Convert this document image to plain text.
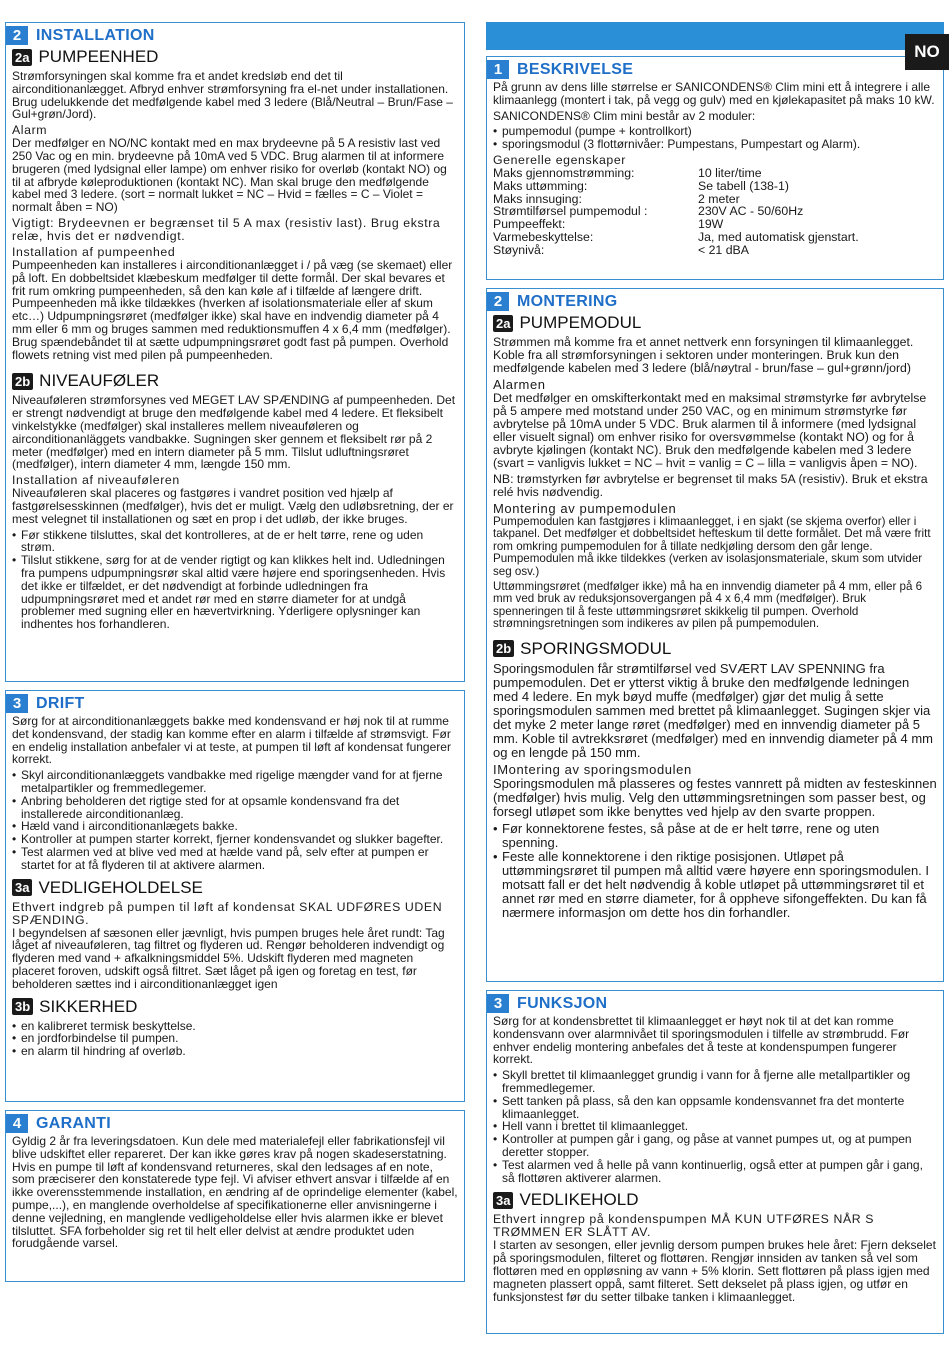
2 INSTALLATION
2a PUMPEENHED

Strømforsyningen skal komme fra et andet kredsløb end det til airconditionanlægget. Afbryd enhver strømforsyning fra el-net under installationen. Brug udelukkende det medfølgende kabel med 3 ledere (Blå/Neutral – Brun/Fase – Gul+grøn/Jord).

Alarm

Der medfølger en NO/NC kontakt med en max brydeevne på 5 A resistiv last ved 250 Vac og en min. brydeevne på 10mA ved 5 VDC. Brug alarmen til at informere brugeren (med lydsignal eller lampe) om enhver risiko for overløb (kontakt NO) og til at afbryde køleproduktionen (kontakt NC). Man skal bruge den medfølgende kabel med 3 ledere. (sort = normalt lukket = NC – Hvid = fælles = C – Violet = normalt åben = NO)

Vigtigt: Brydeevnen er begrænset til 5 A max (resistiv last). Brug ekstra relæ, hvis det er nødvendigt.

Installation af pumpeenhed

Pumpeenheden kan installeres i airconditionanlægget i / på væg (se skemaet) eller på loft. En dobbeltsidet klæbeskum medfølger til dette formål. Der skal bevares et frit rum omkring pumpeenheden, så den kan køle af i tilfælde af længere drift. Pumpeenheden må ikke tildækkes (hverken af isolationsmateriale eller af skum etc…) Udpumpningsrøret (medfølger ikke) skal have en indvendig diameter på 4 mm eller 6 mm og bruges sammen med reduktionsmuffen 4 x 6,4 mm (medfølger). Brug spændebåndet til at sætte udpumpningsrøret godt fast på pumpen. Overhold flowets retning vist med pilen på pumpeenheden.

2b NIVEAUFØLER

Niveauføleren strømforsynes ved MEGET LAV SPÆNDING af pumpeenheden. Det er strengt nødvendigt at bruge den medfølgende kabel med 4 ledere. Et fleksibelt vinkelstykke (medfølger) skal installeres mellem niveauføleren og airconditionanläggets vandbakke. Sugningen sker gennem et fleksibelt rør på 2 meter (medfølger) med en intern diameter på 5 mm. Tilslut udluftningsrøret (medfølger), intern diameter 4 mm, længde 150 mm.

Installation af niveauføleren

Niveauføleren skal placeres og fastgøres i vandret position ved hjælp af fastgørelsesskinnen (medfølger), hvis det er muligt. Vælg den udløbsretning, der er mest velegnet til installationen og sæt en prop i det udløb, der ikke bruges.

• Før stikkene tilsluttes, skal det kontrolleres, at de er helt tørre, rene og uden strøm.
• Tilslut stikkene, sørg for at de vender rigtigt og kan klikkes helt ind. Udledningen fra pumpens udpumpningsrør skal altid være højere end sporingsenheden. Hvis det ikke er tilfældet, er det nødvendigt at forbinde udledningen fra udpumpningsrøret med et andet rør med en større diameter for at undgå problemer med sugning eller en hævertvirkning. Yderligere oplysninger kan indhentes hos forhandleren.
3 DRIFT

Sørg for at airconditionanlæggets bakke med kondensvand er høj nok til at rumme det kondensvand, der stadig kan komme efter en alarm i tilfælde af strømsvigt. Før en endelig installation anbefaler vi at teste, at pumpen til løft af kondensat fungerer korrekt.

• Skyl airconditionanlæggets vandbakke med rigelige mængder vand for at fjerne metalpartikler og fremmedlegemer.
• Anbring beholderen det rigtige sted for at opsamle kondensvand fra det installerede airconditionanlæg.
• Hæld vand i airconditionanlægets bakke.
• Kontroller at pumpen starter korrekt, fjerner kondensvandet og slukker bagefter.
• Test alarmen ved at blive ved med at hælde vand på, selv efter at pumpen er startet for at få flyderen til at aktivere alarmen.
3a VEDLIGEHOLDELSE

Ethvert indgreb på pumpen til løft af kondensat SKAL UDFØRES UDEN SPÆNDING.

I begyndelsen af sæsonen eller jævnligt, hvis pumpen bruges hele året rundt: Tag låget af niveauføleren, tag filtret og flyderen ud. Rengør beholderen indvendigt og flyderen med vand + afkalkningsmiddel 5%. Udskift flyderen med magneten placeret foroven, udskift også filtret. Sæt låget på igen og foretag en test, før beholderen sættes ind i airconditionanlægget igen

3b SIKKERHED
• en kalibreret termisk beskyttelse.
• en jordforbindelse til pumpen.
• en alarm til hindring af overløb.
4 GARANTI

Gyldig 2 år fra leveringsdatoen. Kun dele med materialefejl eller fabrikationsfejl vil blive udskiftet eller repareret. Der kan ikke gøres krav på nogen skadeserstatning. Hvis en pumpe til løft af kondensvand returneres, skal den ledsages af en note, som præciserer den konstaterede type fejl. Vi afviser ethvert ansvar i tilfælde af en ikke overensstemmende installation, en ændring af de oprindelige elementer (kabel, pumpe,...), en manglende overholdelse af specifikationerne eller anvisningerne i denne vejledning, en manglende vedligeholdelse eller hvis alarmen ikke er blevet tilsluttet. SFA forbeholder sig ret til helt eller delvist at ændre produktet uden forudgående varsel.

NO
1 BESKRIVELSE

På grunn av dens lille størrelse er SANICONDENS® Clim mini ett å integrere i alle klimaanlegg (montert i tak, på vegg og gulv) med en kjølekapasitet på maks 10 kW.

SANICONDENS® Clim mini består av 2 moduler:

• pumpemodul (pumpe + kontrollkort)
• sporingsmodul (3 flottørnivåer: Pumpestans, Pumpestart og Alarm).

Generelle egenskaper

Maks gjennomstrømming:	10 liter/time
Maks uttømming:	Se tabell (138-1)
Maks innsuging:	2 meter
Strømtilførsel pumpemodul :	230V AC - 50/60Hz
Pumpeeffekt:	19W
Varmebeskyttelse:	Ja, med automatisk gjenstart.
Støynivå:	< 21 dBA
2 MONTERING
2a PUMPEMODUL

Strømmen må komme fra et annet nettverk enn forsyningen til klimaanlegget. Koble fra all strømforsyningen i sektoren under monteringen. Bruk kun den medfølgende kabelen med 3 ledere (blå/nøytral - brun/fase – gul+grønn/jord)

Alarmen

Det medfølger en omskifterkontakt med en maksimal strømstyrke før avbrytelse på 5 ampere med motstand under 250 VAC, og en minimum strømstyrke før avbrytelse på 10mA under 5 VDC. Bruk alarmen til å informere (med lydsignal eller visuelt signal) om enhver risiko for oversvømmelse (kontakt NO) og for å avbryte kjølingen (kontakt NC). Bruk den medfølgende kabelen med 3 ledere (svart = vanligvis lukket = NC – hvit = vanlig = C – lilla = vanligvis åpen = NO).

NB: trømstyrken før avbrytelse er begrenset til maks 5A (resistiv). Bruk et ekstra relé hvis nødvendig.

Montering av pumpemodulen

Pumpemodulen kan fastgjøres i klimaanlegget, i en sjakt (se skjema overfor) eller i takpanel. Det medfølger et dobbeltsidet hefteskum til dette formålet. Det må være fritt rom omkring pumpemodulen for å tillate nedkjøling dersom den går lenge. Pumpemodulen må ikke tildekkes (verken av isolasjonsmateriale, skum som utvider seg osv.)

Uttømmingsrøret (medfølger ikke) må ha en innvendig diameter på 4 mm, eller på 6 mm ved bruk av reduksjonsovergangen på 4 x 6,4 mm (medfølger). Bruk spenneringen til å feste uttømmingsrøret skikkelig til pumpen. Overhold strømningsretningen som indikeres av pilen på pumpemodulen.

2b SPORINGSMODUL

Sporingsmodulen får strømtilførsel ved SVÆRT LAV SPENNING fra pumpemodulen. Det er ytterst viktig å bruke den medfølgende ledningen med 4 ledere. En myk bøyd muffe (medfølger) gjør det mulig å sette sporingsmodulen sammen med brettet på klimaanlegget. Sugingen skjer via det myke 2 meter lange røret (medfølger) med en innvendig diameter på 5 mm. Koble til avtrekksrøret (medfølger) med en innvendig diameter på 4 mm og en lengde på 150 mm.

IMontering av sporingsmodulen

Sporingsmodulen må plasseres og festes vannrett på midten av festeskinnen (medfølger) hvis mulig. Velg den uttømmingsretningen som passer best, og forsegl utløpet som ikke benyttes ved hjelp av den svarte proppen.

• Før konnektorene festes, så påse at de er helt tørre, rene og uten spenning.
• Feste alle konnektorene i den riktige posisjonen. Utløpet på uttømmingsrøret til pumpen må alltid være høyere enn sporingsmodulen. I motsatt fall er det helt nødvendig å koble utløpet på uttømmingsrøret til et annet rør med en større diameter, for å oppheve sifongeffekten. Du kan få nærmere informasjon om dette hos din forhandler.
3 FUNKSJON

Sørg for at kondensbrettet til klimaanlegget er høyt nok til at det kan romme kondensvann over alarmnivået til sporingsmodulen i tilfelle av strømbrudd. Før enhver endelig montering anbefales det å teste at kondenspumpen fungerer korrekt.

• Skyll brettet til klimaanlegget grundig i vann for å fjerne alle metallpartikler og fremmedlegemer.
• Sett tanken på plass, så den kan oppsamle kondensvannet fra det monterte klimaanlegget.
• Hell vann i brettet til klimaanlegget.
• Kontroller at pumpen går i gang, og påse at vannet pumpes ut, og at pumpen deretter stopper.
• Test alarmen ved å helle på vann kontinuerlig, også etter at pumpen går i gang, så flottøren aktiverer alarmen.
3a VEDLIKEHOLD

Ethvert inngrep på kondenspumpen MÅ KUN UTFØRES NÅR S TRØMMEN ER SLÅTT AV.

I starten av sesongen, eller jevnlig dersom pumpen brukes hele året: Fjern dekselet på sporingsmodulen, filteret og flottøren. Rengjør innsiden av tanken så vel som flottøren med en oppløsning av vann + 5% klorin. Sett flottøren på plass igjen med magneten plassert oppå, samt filteret. Sett dekselet på plass igjen, og utfør en funksjonstest før du setter tilbake tanken i klimaanlegget.
